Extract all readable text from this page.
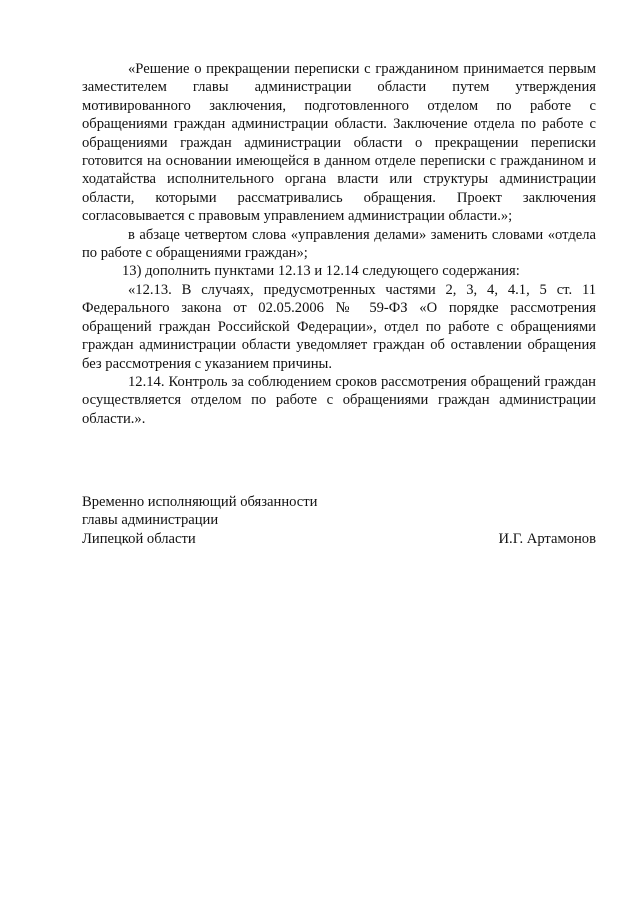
«Решение о прекращении переписки с гражданином принимается первым заместителем главы администрации области путем утверждения мотивированного заключения, подготовленного отделом по работе с обращениями граждан администрации области. Заключение отдела по работе с обращениями граждан администрации области о прекращении переписки готовится на основании имеющейся в данном отделе переписки с гражданином и ходатайства исполнительного органа власти или структуры администрации области, которыми рассматривались обращения. Проект заключения согласовывается с правовым управлением администрации области.»;

в абзаце четвертом слова «управления делами» заменить словами «отдела по работе с обращениями граждан»;

13) дополнить пунктами 12.13 и 12.14 следующего содержания:

«12.13. В случаях, предусмотренных частями 2, 3, 4, 4.1, 5 ст. 11 Федерального закона от 02.05.2006 № 59-ФЗ «О порядке рассмотрения обращений граждан Российской Федерации», отдел по работе с обращениями граждан администрации области уведомляет граждан об оставлении обращения без рассмотрения с указанием причины.

12.14. Контроль за соблюдением сроков рассмотрения обращений граждан осуществляется отделом по работе с обращениями граждан администрации области.».

Временно исполняющий обязанности
главы администрации
Липецкой области	И.Г. Артамонов
